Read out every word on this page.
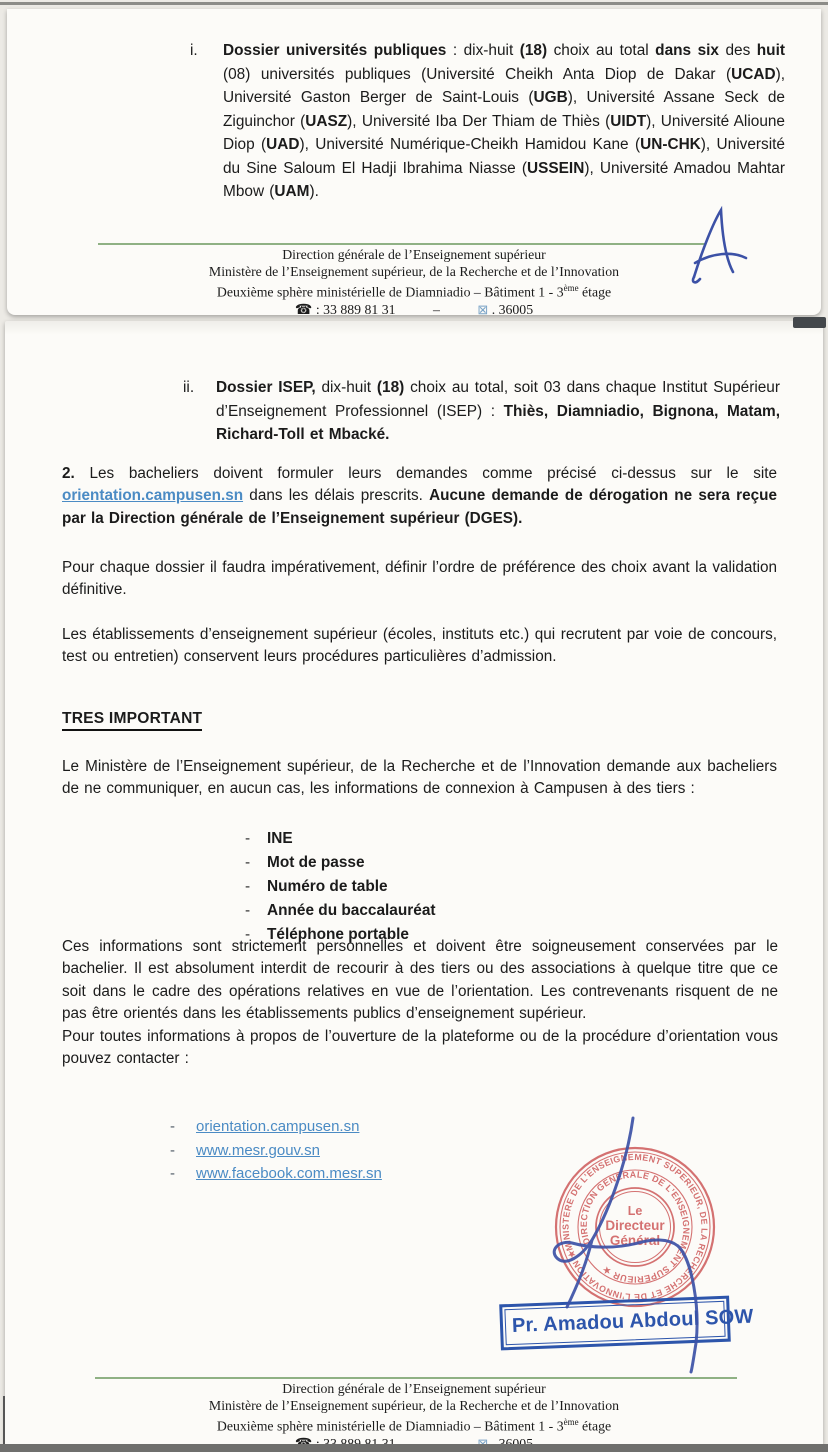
i.	Dossier universités publiques : dix-huit (18) choix au total dans six des huit (08) universités publiques (Université Cheikh Anta Diop de Dakar (UCAD), Université Gaston Berger de Saint-Louis (UGB), Université Assane Seck de Ziguinchor (UASZ), Université Iba Der Thiam de Thiès (UIDT), Université Alioune Diop (UAD), Université Numérique-Cheikh Hamidou Kane (UN-CHK), Université du Sine Saloum El Hadji Ibrahima Niasse (USSEIN), Université Amadou Mahtar Mbow (UAM).
Direction générale de l’Enseignement supérieur
Ministère de l’Enseignement supérieur, de la Recherche et de l’Innovation
Deuxième sphère ministérielle de Diamniadio – Bâtiment 1 - 3ème étage
☎ : 33 889 81 31	–	⊠ . 36005
ii.	Dossier ISEP, dix-huit (18) choix au total, soit 03 dans chaque Institut Supérieur d’Enseignement Professionnel (ISEP) : Thiès, Diamniadio, Bignona, Matam, Richard-Toll et Mbacké.
2. Les bacheliers doivent formuler leurs demandes comme précisé ci-dessus sur le site orientation.campusen.sn dans les délais prescrits. Aucune demande de dérogation ne sera reçue par la Direction générale de l’Enseignement supérieur (DGES).
Pour chaque dossier il faudra impérativement, définir l’ordre de préférence des choix avant la validation définitive.
Les établissements d’enseignement supérieur (écoles, instituts etc.) qui recrutent par voie de concours, test ou entretien) conservent leurs procédures particulières d’admission.
TRES IMPORTANT
Le Ministère de l’Enseignement supérieur, de la Recherche et de l’Innovation demande aux bacheliers de ne communiquer, en aucun cas, les informations de connexion à Campusen à des tiers :
-	INE
-	Mot de passe
-	Numéro de table
-	Année du baccalauréat
-	Téléphone portable

Ces informations sont strictement personnelles et doivent être soigneusement conservées par le bachelier. Il est absolument interdit de recourir à des tiers ou des associations à quelque titre que ce soit dans le cadre des opérations relatives en vue de l’orientation. Les contrevenants risquent de ne pas être orientés dans les établissements publics d’enseignement supérieur.

Pour toutes informations à propos de l’ouverture de la plateforme ou de la procédure d’orientation vous pouvez contacter :

-	orientation.campusen.sn
-	www.mesr.gouv.sn
-	www.facebook.com.mesr.sn
MINISTERE DE L’ENSEIGNEMENT SUPERIEUR, DE LA RECHERCHE ET DE L’INNOVATION ★
DIRECTION GENERALE DE L’ENSEIGNEMENT SUPERIEUR ★
Le
Directeur
Général
Pr. Amadou Abdoul SOW
Direction générale de l’Enseignement supérieur
Ministère de l’Enseignement supérieur, de la Recherche et de l’Innovation
Deuxième sphère ministérielle de Diamniadio – Bâtiment 1 - 3ème étage
